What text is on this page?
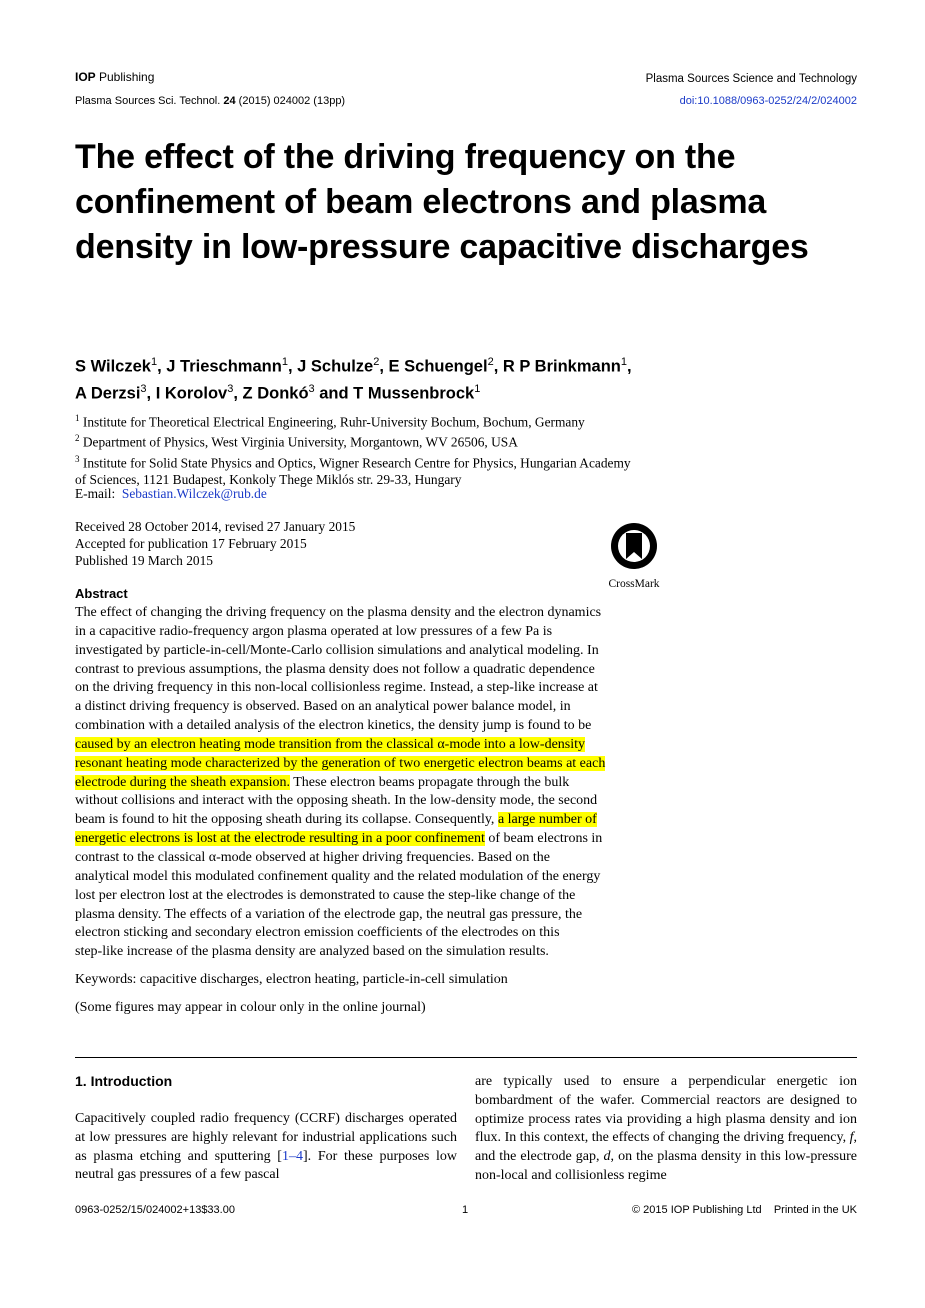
IOP Publishing	Plasma Sources Science and Technology
Plasma Sources Sci. Technol. 24 (2015) 024002 (13pp)	doi:10.1088/0963-0252/24/2/024002
The effect of the driving frequency on the confinement of beam electrons and plasma density in low-pressure capacitive discharges
S Wilczek$^1$, J Trieschmann$^1$, J Schulze$^2$, E Schuengel$^2$, R P Brinkmann$^1$,
A Derzsi$^3$, I Korolov$^3$, Z Donkó$^3$ and T Mussenbrock$^1$
$^1$ Institute for Theoretical Electrical Engineering, Ruhr-University Bochum, Bochum, Germany
$^2$ Department of Physics, West Virginia University, Morgantown, WV 26506, USA
$^3$ Institute for Solid State Physics and Optics, Wigner Research Centre for Physics, Hungarian Academy
of Sciences, 1121 Budapest, Konkoly Thege Miklós str. 29-33, Hungary
E-mail: Sebastian.Wilczek@rub.de
Received 28 October 2014, revised 27 January 2015
Accepted for publication 17 February 2015
Published 19 March 2015
CrossMark
Abstract
The effect of changing the driving frequency on the plasma density and the electron dynamics
in a capacitive radio-frequency argon plasma operated at low pressures of a few Pa is
investigated by particle-in-cell/Monte-Carlo collision simulations and analytical modeling. In
contrast to previous assumptions, the plasma density does not follow a quadratic dependence
on the driving frequency in this non-local collisionless regime. Instead, a step-like increase at
a distinct driving frequency is observed. Based on an analytical power balance model, in
combination with a detailed analysis of the electron kinetics, the density jump is found to be
caused by an electron heating mode transition from the classical α-mode into a low-density
resonant heating mode characterized by the generation of two energetic electron beams at each
electrode during the sheath expansion. These electron beams propagate through the bulk
without collisions and interact with the opposing sheath. In the low-density mode, the second
beam is found to hit the opposing sheath during its collapse. Consequently, a large number of
energetic electrons is lost at the electrode resulting in a poor confinement of beam electrons in
contrast to the classical α-mode observed at higher driving frequencies. Based on the
analytical model this modulated confinement quality and the related modulation of the energy
lost per electron lost at the electrodes is demonstrated to cause the step-like change of the
plasma density. The effects of a variation of the electrode gap, the neutral gas pressure, the
electron sticking and secondary electron emission coefficients of the electrodes on this
step-like increase of the plasma density are analyzed based on the simulation results.
Keywords: capacitive discharges, electron heating, particle-in-cell simulation
(Some figures may appear in colour only in the online journal)
1. Introduction
Capacitively coupled radio frequency (CCRF) discharges operated at low pressures are highly relevant for industrial applications such as plasma etching and sputtering [1–4]. For these purposes low neutral gas pressures of a few pascal
are typically used to ensure a perpendicular energetic ion bombardment of the wafer. Commercial reactors are designed to optimize process rates via providing a high plasma density and ion flux. In this context, the effects of changing the driving frequency, f, and the electrode gap, d, on the plasma density in this low-pressure non-local and collisionless regime
0963-0252/15/024002+13$33.00	1	© 2015 IOP Publishing Ltd    Printed in the UK
